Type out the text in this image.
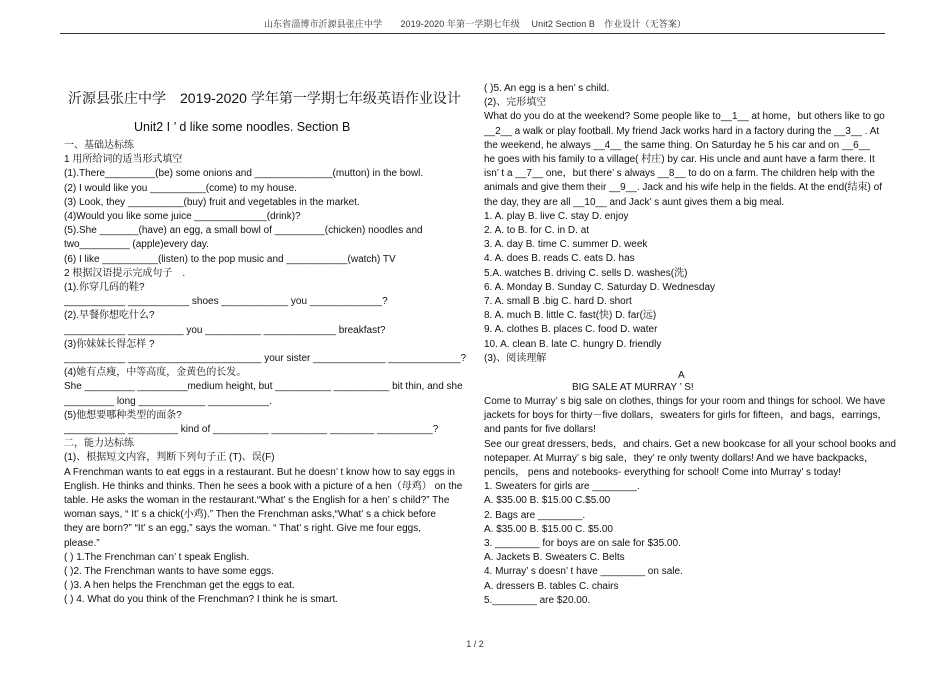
山东省淄博市沂源县张庄中学　　2019-2020 年第一学期七年级　 Unit2 Section B　作业设计（无答案）
沂源县张庄中学　2019-2020 学年第一学期七年级英语作业设计
Unit2 I ’ d like some noodles. Section B
一、基础达标练
1 用所给词的适当形式填空
(1).There_________(be) some onions and ______________(mutton) in the bowl.
(2) I would like you __________(come) to my house.
(3) Look, they __________(buy) fruit and vegetables in the market.
(4)Would you like some juice _____________(drink)?
(5).She _______(have) an egg, a small bowl of _________(chicken) noodles and
two_________ (apple)every day.
(6) I like __________(listen) to the pop music and ___________(watch) TV
2 根据汉语提示完成句子　.
(1).你穿几码的鞋?
___________ ___________ shoes ____________ you _____________?
(2).早餐你想吃什么?
___________ __________ you __________ _____________ breakfast?
(3)你妹妹长得怎样 ?
___________ ________________________ your sister _____________ _____________?
(4)她有点瘦，中等高度，金黄色的长发。
She _________ _________medium height, but __________ __________ bit thin, and she
_________ long ____________ ___________.
(5)他想要哪种类型的面条?
___________ _________ kind of __________ __________ ________ __________?
二，能力达标练
(1)、根据短文内容，判断下列句子正 (T)、误(F)
A Frenchman wants to eat eggs in a restaurant. But he doesn’ t know how to say eggs in
English. He thinks and thinks. Then he sees a book with a picture of a hen（母鸡） on the
table. He asks the woman in the restaurant.“What’ s the English for a hen’ s child?” The
woman says, “ It’ s a chick(小鸡).” Then the Frenchman asks,“What’ s a chick before
they are born?” “It’ s an egg,” says the woman. “ That’ s right. Give me four eggs,
please.”
( ) 1.The Frenchman can’ t speak English.
( )2. The Frenchman wants to have some eggs.
( )3. A hen helps the Frenchman get the eggs to eat.
( ) 4. What do you think of the Frenchman? I think he is smart.
( )5. An egg is a hen’ s child.
(2)、完形填空
What do you do at the weekend? Some people like to__1__ at home，but others like to go
__2__ a walk or play football. My friend Jack works hard in a factory during the __3__ . At
the weekend, he always __4__ the same thing. On Saturday he 5 his car and on __6__
he goes with his family to a village( 村庄) by car. His uncle and aunt have a farm there. It
isn’ t a __7__ one，but there’ s always __8__ to do on a farm. The children help with the
animals and give them their __9__. Jack and his wife help in the fields. At the end(结束) of
the day, they are all __10__ and Jack’ s aunt gives them a big meal.
1. A. play B. live C. stay D. enjoy
2. A. to B. for C. in D. at
3. A. day B. time C. summer D. week
4. A. does B. reads C. eats D. has
5.A. watches B. driving C. sells D. washes(洗)
6. A. Monday B. Sunday C. Saturday D. Wednesday
7. A. small B .big C. hard D. short
8. A. much B. little C. fast(快) D. far(远)
9. A. clothes B. places C. food D. water
10. A. clean B. late C. hungry D. friendly
(3)、阅读理解
A
BIG SALE AT MURRAY ’ S!
Come to Murray’ s big sale on clothes, things for your room and things for school. We have
jackets for boys for thirty－five dollars，sweaters for girls for fifteen，and bags，earrings，
and pants for five dollars!
See our great dressers, beds，and chairs. Get a new bookcase for all your school books and
notepaper. At Murray’ s big sale，they’ re only twenty dollars! And we have backpacks，
pencils， pens and notebooks- everything for school! Come into Murray’ s today!
1. Sweaters for girls are ________.
A. $35.00 B. $15.00 C.$5.00
2. Bags are ________.
A. $35.00 B. $15.00 C. $5.00
3. ________ for boys are on sale for $35.00.
A. Jackets B. Sweaters C. Belts
4. Murray’ s doesn’ t have ________ on sale.
A. dressers B. tables C. chairs
5.________ are $20.00.
1 / 2
